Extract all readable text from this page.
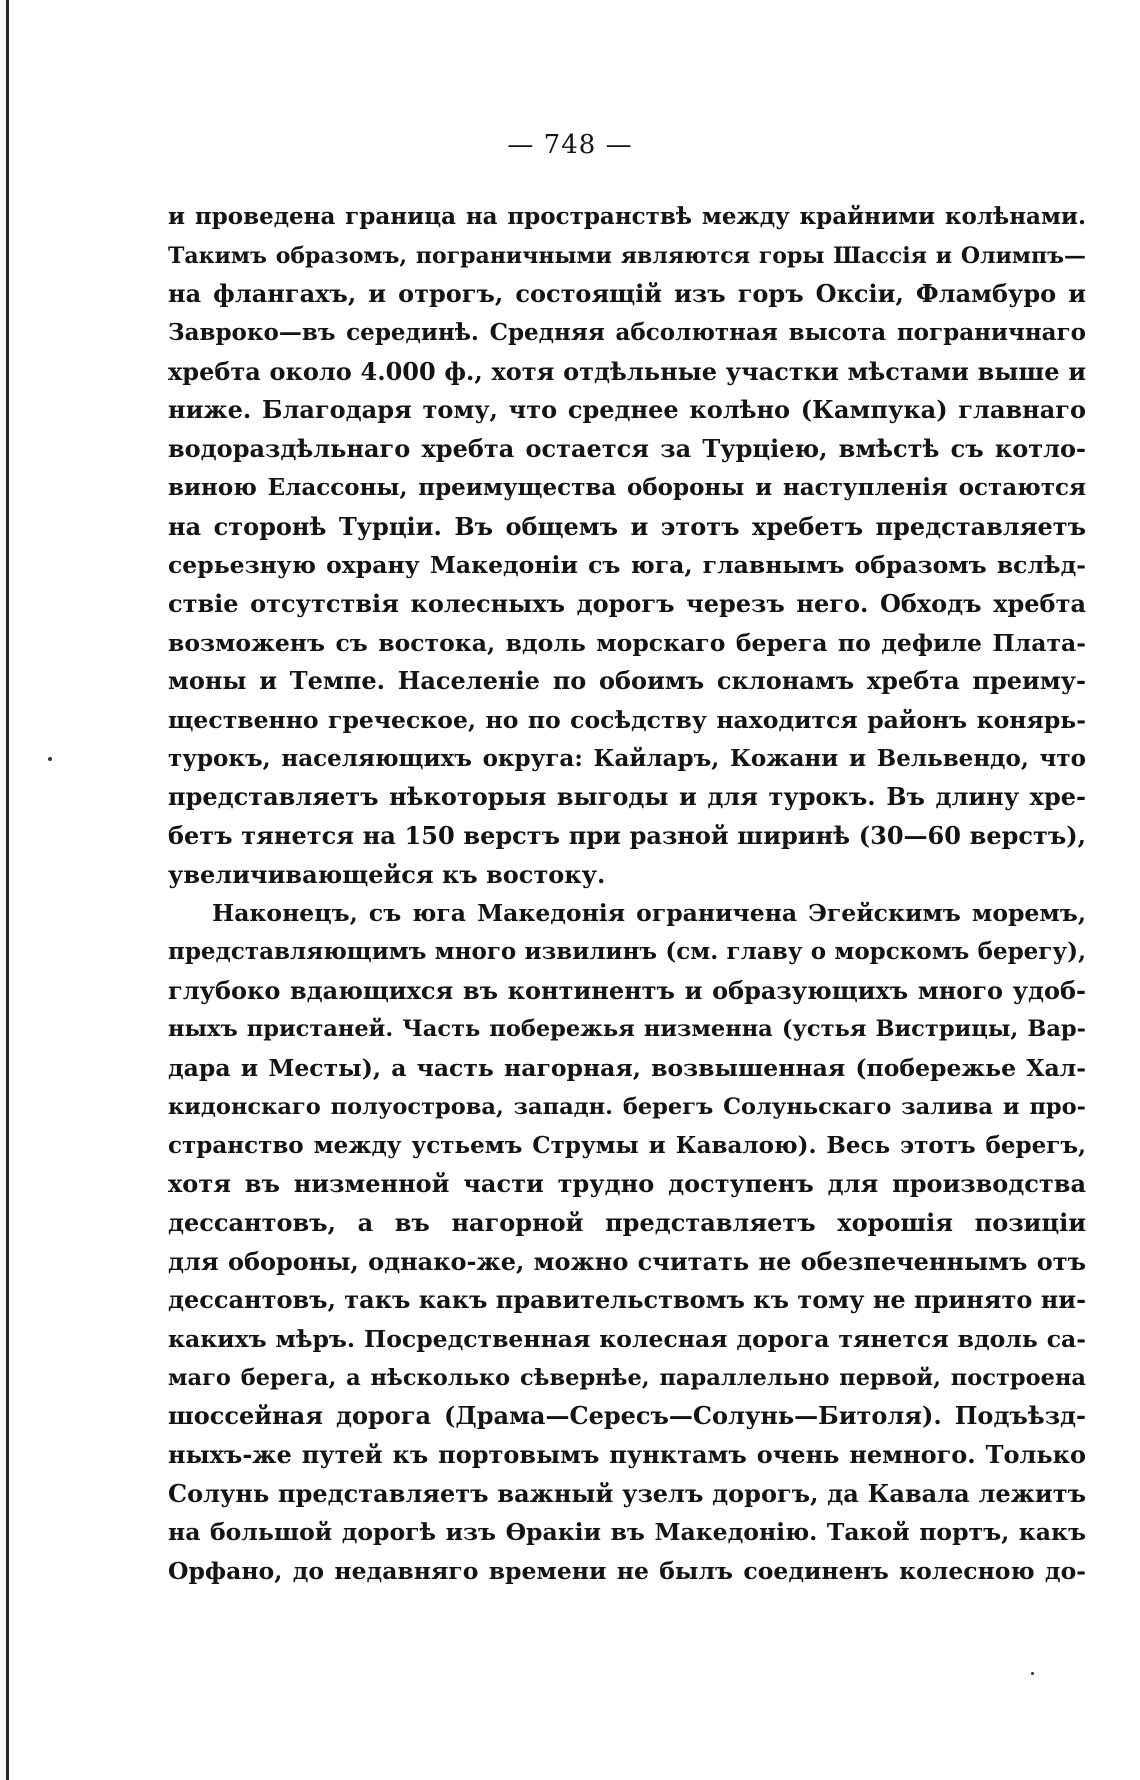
— 748 —
и проведена граница на пространствѣ между крайними колѣнами.
Такимъ образомъ, пограничными являются горы Шассія и Олимпъ—
на флангахъ, и отрогъ, состоящій изъ горъ Оксіи, Фламбуро и
Заврокo—въ серединѣ. Средняя абсолютная высота пограничнаго
хребта около 4.000 ф., хотя отдѣльные участки мѣстами выше и
ниже. Благодаря тому, что среднее колѣно (Кампука) главнаго
водораздѣльнаго хребта остается за Турціею, вмѣстѣ съ котло-
виною Елассоны, преимущества обороны и наступленія остаются
на сторонѣ Турціи. Въ общемъ и этотъ хребетъ представляетъ
серьезную охрану Македоніи съ юга, главнымъ образомъ вслѣд-
ствіе отсутствія колесныхъ дорогъ черезъ него. Обходъ хребта
возможенъ съ востока, вдоль морскаго берега по дефиле Плата-
моны и Темпе. Населеніе по обоимъ склонамъ хребта преиму-
щественно греческое, но по сосѣдству находится районъ конярь-
турокъ, населяющихъ округа: Кайларъ, Кожани и Вельвендо, что
представляетъ нѣкоторыя выгоды и для турокъ. Въ длину хре-
бетъ тянется на 150 верстъ при разной ширинѣ (30—60 верстъ),
увеличивающейся къ востоку.
Наконецъ, съ юга Македонія ограничена Эгейскимъ моремъ,
представляющимъ много извилинъ (см. главу о морскомъ берегу),
глубоко вдающихся въ континентъ и образующихъ много удоб-
ныхъ пристаней. Часть побережья низменна (устья Вистрицы, Вар-
дара и Месты), а часть нагорная, возвышенная (побережье Хал-
кидонскаго полуострова, западн. берегъ Солуньскаго залива и про-
странство между устьемъ Струмы и Кавалою). Весь этотъ берегъ,
хотя въ низменной части трудно доступенъ для производства
дессантовъ, а въ нагорной представляетъ хорошія позиціи
для обороны, однако-же, можно считать не обезпеченнымъ отъ
дессантовъ, такъ какъ правительствомъ къ тому не принято ни-
какихъ мѣръ. Посредственная колесная дорога тянется вдоль са-
маго берега, а нѣсколько сѣвернѣе, параллельно первой, построена
шоссейная дорога (Драма—Сересъ—Солунь—Битоля). Подъѣзд-
ныхъ-же путей къ портовымъ пунктамъ очень немного. Только
Солунь представляетъ важный узелъ дорогъ, да Кавала лежитъ
на большой дорогѣ изъ Ѳракіи въ Македонію. Такой портъ, какъ
Орфано, до недавняго времени не былъ соединенъ колесною до-
